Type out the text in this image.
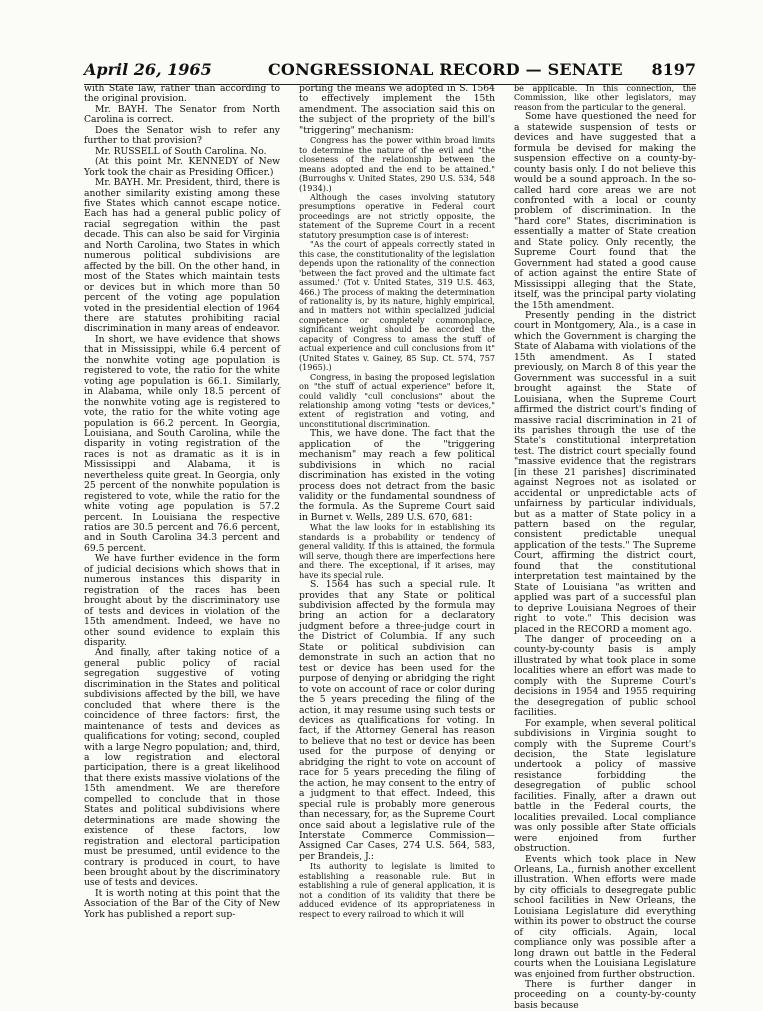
April 26, 1965	CONGRESSIONAL RECORD — SENATE 8197

with State law, rather than according to the original provision.

Mr. BAYH. The Senator from North Carolina is correct.

Does the Senator wish to refer any further to that provision?

Mr. RUSSELL of South Carolina. No.

(At this point Mr. KENNEDY of New York took the chair as Presiding Officer.)

Mr. BAYH. Mr. President, third, there is another similarity existing among these five States which cannot escape notice. Each has had a general public policy of racial segregation within the past decade. This can also be said for Virginia and North Carolina, two States in which numerous political subdivisions are affected by the bill. On the other hand, in most of the States which maintain tests or devices but in which more than 50 percent of the voting age population voted in the presidential election of 1964 there are statutes prohibiting racial discrimination in many areas of endeavor.

In short, we have evidence that shows that in Mississippi, while 6.4 percent of the nonwhite voting age population is registered to vote, the ratio for the white voting age population is 66.1. Similarly, in Alabama, while only 18.5 percent of the nonwhite voting age is registered to vote, the ratio for the white voting age population is 66.2 percent. In Georgia, Louisiana, and South Carolina, while the disparity in voting registration of the races is not as dramatic as it is in Mississippi and Alabama, it is nevertheless quite great. In Georgia, only 25 percent of the nonwhite population is registered to vote, while the ratio for the white voting age population is 57.2 percent. In Louisiana the respective ratios are 30.5 percent and 76.6 percent, and in South Carolina 34.3 percent and 69.5 percent.

We have further evidence in the form of judicial decisions which shows that in numerous instances this disparity in registration of the races has been brought about by the discriminatory use of tests and devices in violation of the 15th amendment. Indeed, we have no other sound evidence to explain this disparity.

And finally, after taking notice of a general public policy of racial segregation suggestive of voting discrimination in the States and political subdivisions affected by the bill, we have concluded that where there is the coincidence of three factors: first, the maintenance of tests and devices as qualifications for voting; second, coupled with a large Negro population; and, third, a low registration and electoral participation, there is a great likelihood that there exists massive violations of the 15th amendment. We are therefore compelled to conclude that in those States and political subdivisions where determinations are made showing the existence of these factors, low registration and electoral participation must be presumed, until evidence to the contrary is produced in court, to have been brought about by the discriminatory use of tests and devices.

It is worth noting at this point that the Association of the Bar of the City of New York has published a report sup-

porting the means we adopted in S. 1564 to effectively implement the 15th amendment. The association said this on the subject of the propriety of the bill's "triggering" mechanism:

Congress has the power within broad limits to determine the nature of the evil and "the closeness of the relationship between the means adopted and the end to be attained." (Burroughs v. United States, 290 U.S. 534, 548 (1934).)

Although the cases involving statutory presumptions operative in Federal court proceedings are not strictly opposite, the statement of the Supreme Court in a recent statutory presumption case is of interest:

"As the court of appeals correctly stated in this case, the constitutionality of the legislation depends upon the rationality of the connection 'between the fact proved and the ultimate fact assumed.' (Tot v. United States, 319 U.S. 463, 466.) The process of making the determination of rationality is, by its nature, highly empirical, and in matters not within specialized judicial competence or completely commonplace, significant weight should be accorded the capacity of Congress to amass the stuff of actual experience and cull conclusions from it" (United States v. Gainey, 85 Sup. Ct. 574, 757 (1965).)

Congress, in basing the proposed legislation on "the stuff of actual experience" before it, could validly "cull conclusions" about the relationship among voting "tests or devices," extent of registration and voting, and unconstitutional discrimination.

This, we have done. The fact that the application of the "triggering mechanism" may reach a few political subdivisions in which no racial discrimination has existed in the voting process does not detract from the basic validity or the fundamental soundness of the formula. As the Supreme Court said in Burnet v. Wells, 289 U.S. 670, 681:

What the law looks for in establishing its standards is a probability or tendency of general validity. If this is attained, the formula will serve, though there are imperfections here and there. The exceptional, if it arises, may have its special rule.

S. 1564 has such a special rule. It provides that any State or political subdivision affected by the formula may bring an action for a declaratory judgment before a three-judge court in the District of Columbia. If any such State or political subdivision can demonstrate in such an action that no test or device has been used for the purpose of denying or abridging the right to vote on account of race or color during the 5 years preceding the filing of the action, it may resume using such tests or devices as qualifications for voting. In fact, if the Attorney General has reason to believe that no test or device has been used for the purpose of denying or abridging the right to vote on account of race for 5 years preceding the filing of the action, he may consent to the entry of a judgment to that effect. Indeed, this special rule is probably more generous than necessary, for, as the Supreme Court once said about a legislative rule of the Interstate Commerce Commission—Assigned Car Cases, 274 U.S. 564, 583, per Brandeis, J.:

Its authority to legislate is limited to establishing a reasonable rule. But in establishing a rule of general application, it is not a condition of its validity that there be adduced evidence of its appropriateness in respect to every railroad to which it will

be applicable. In this connection, the Commission, like other legislators, may reason from the particular to the general.

Some have questioned the need for a statewide suspension of tests or devices and have suggested that a formula be devised for making the suspension effective on a county-by-county basis only. I do not believe this would be a sound approach. In the so-called hard core areas we are not confronted with a local or county problem of discrimination. In the "hard core" States, discrimination is essentially a matter of State creation and State policy. Only recently, the Supreme Court found that the Government had stated a good cause of action against the entire State of Mississippi alleging that the State, itself, was the principal party violating the 15th amendment.

Presently pending in the district court in Montgomery, Ala., is a case in which the Government is charging the State of Alabama with violations of the 15th amendment. As I stated previously, on March 8 of this year the Government was successful in a suit brought against the State of Louisiana, when the Supreme Court affirmed the district court's finding of massive racial discrimination in 21 of its parishes through the use of the State's constitutional interpretation test. The district court specially found "massive evidence that the registrars [in these 21 parishes] discriminated against Negroes not as isolated or accidental or unpredictable acts of unfairness by particular individuals, but as a matter of State policy in a pattern based on the regular, consistent predictable unequal application of the tests." The Supreme Court, affirming the district court, found that the constitutional interpretation test maintained by the State of Louisiana "as written and applied was part of a successful plan to deprive Louisiana Negroes of their right to vote." This decision was placed in the RECORD a moment ago.

The danger of proceeding on a county-by-county basis is amply illustrated by what took place in some localities where an effort was made to comply with the Supreme Court's decisions in 1954 and 1955 requiring the desegregation of public school facilities.

For example, when several political subdivisions in Virginia sought to comply with the Supreme Court's decision, the State legislature undertook a policy of massive resistance forbidding the desegregation of public school facilities. Finally, after a drawn out battle in the Federal courts, the localities prevailed. Local compliance was only possible after State officials were enjoined from further obstruction.

Events which took place in New Orleans, La., furnish another excellent illustration. When efforts were made by city officials to desegregate public school facilities in New Orleans, the Louisiana Legislature did everything within its power to obstruct the course of city officials. Again, local compliance only was possible after a long drawn out battle in the Federal courts when the Louisiana Legislature was enjoined from further obstruction.

There is further danger in proceeding on a county-by-county basis because
